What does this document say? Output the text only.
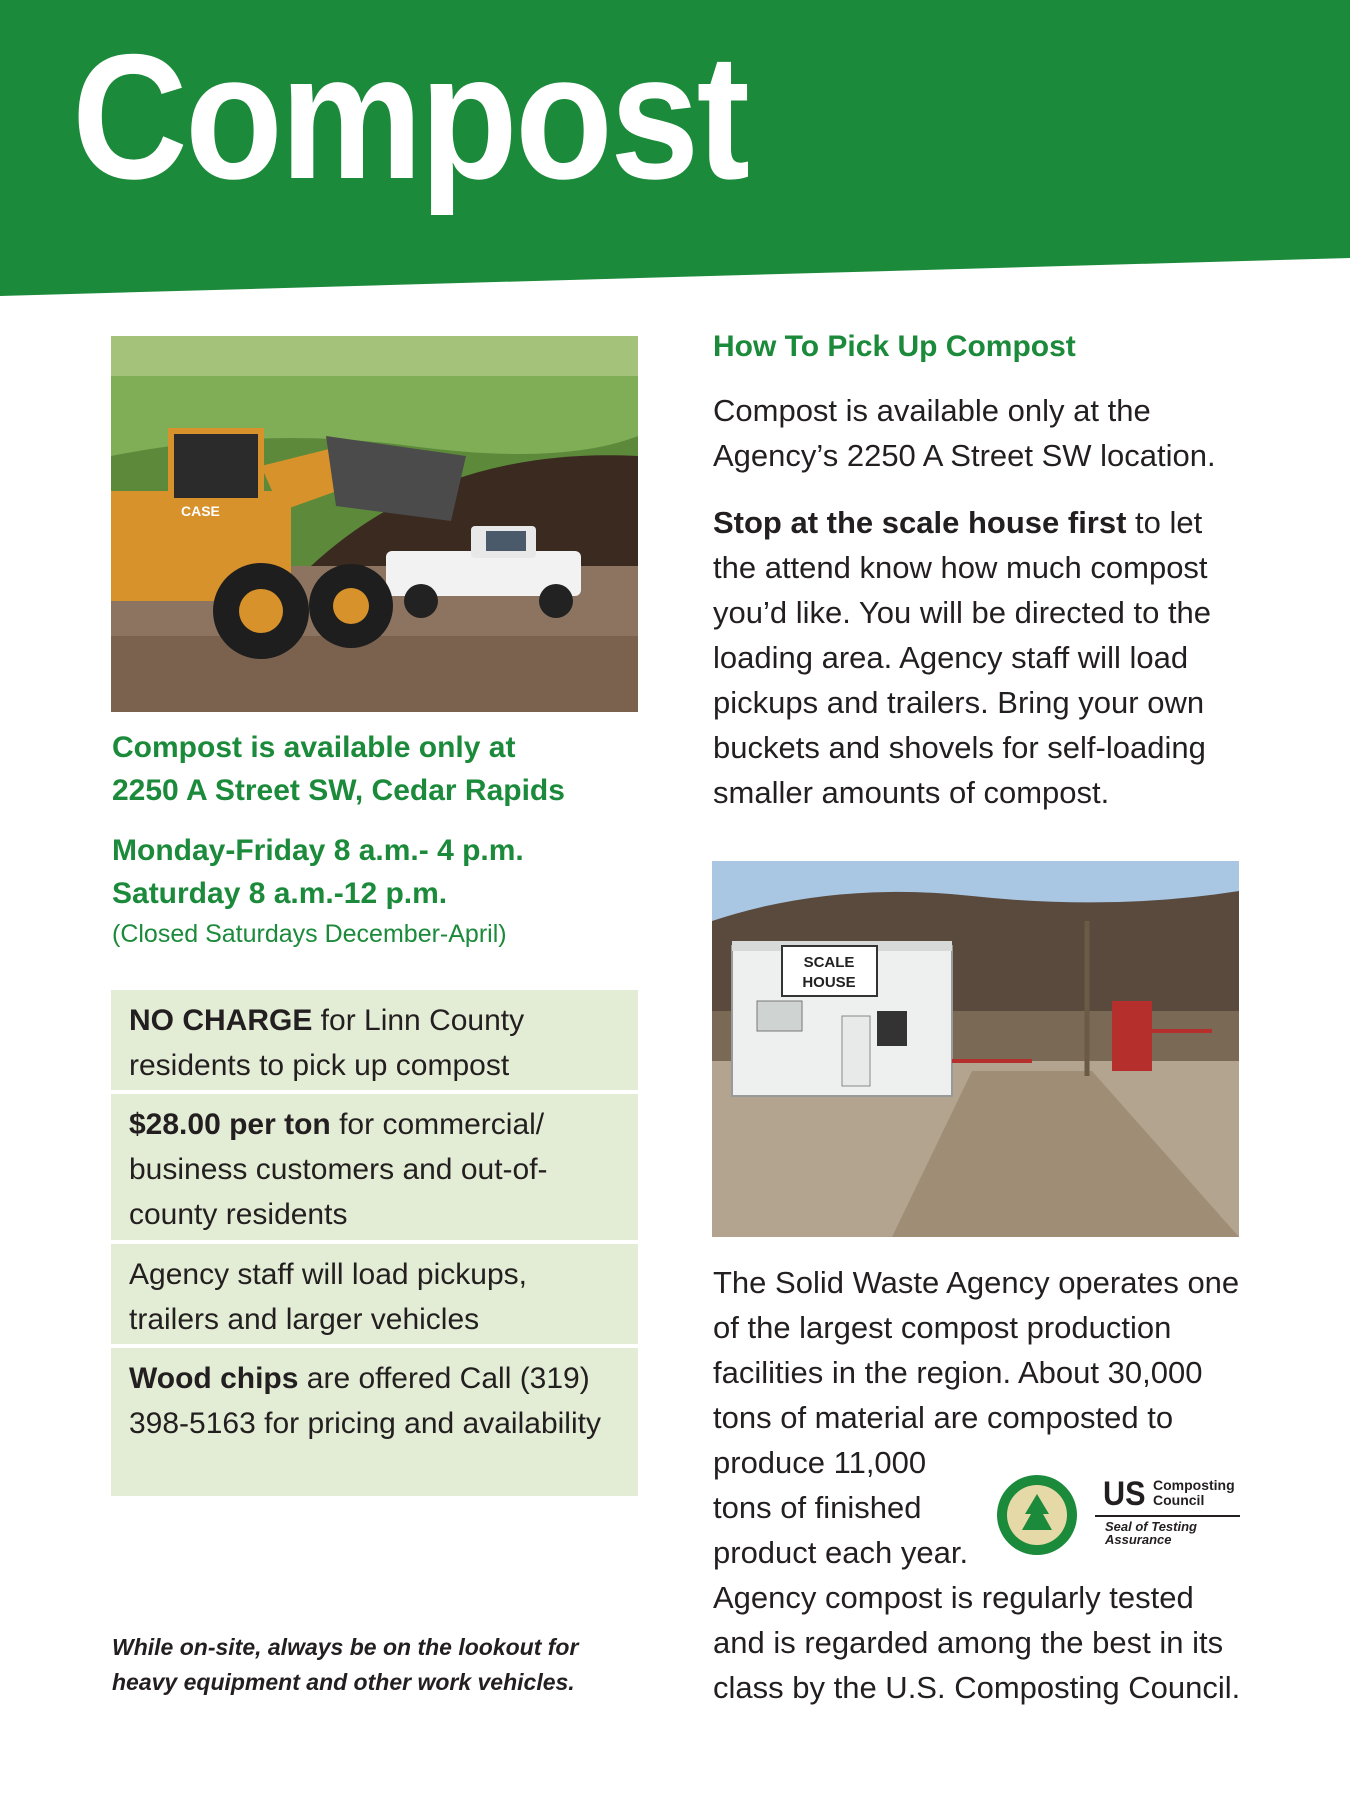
Compost
CASE
Compost is available only at
2250 A Street SW, Cedar Rapids
Monday-Friday 8 a.m.- 4 p.m.
Saturday 8 a.m.-12 p.m.
(Closed Saturdays December-April)
NO CHARGE for Linn County residents to pick up compost
$28.00 per ton for commercial/ business customers and out-of-county residents
Agency staff will load pickups, trailers and larger vehicles
Wood chips are offered Call (319) 398-5163 for pricing and availability
While on-site, always be on the lookout for
heavy equipment and other work vehicles.
How To Pick Up Compost
Compost is available only at the Agency’s 2250 A Street SW location.
Stop at the scale house first to let the attend know how much compost you’d like. You will be directed to the loading area. Agency staff will load pickups and trailers. Bring your own buckets and shovels for self-loading smaller amounts of compost.
SCALE
HOUSE
The Solid Waste Agency operates one
of the largest compost production
facilities in the region. About 30,000
tons of material are composted to
produce 11,000
tons of finished
product each year.
Agency compost is regularly tested
and is regarded among the best in its
class by the U.S. Composting Council.
US Composting
Council
Seal of Testing
Assurance
